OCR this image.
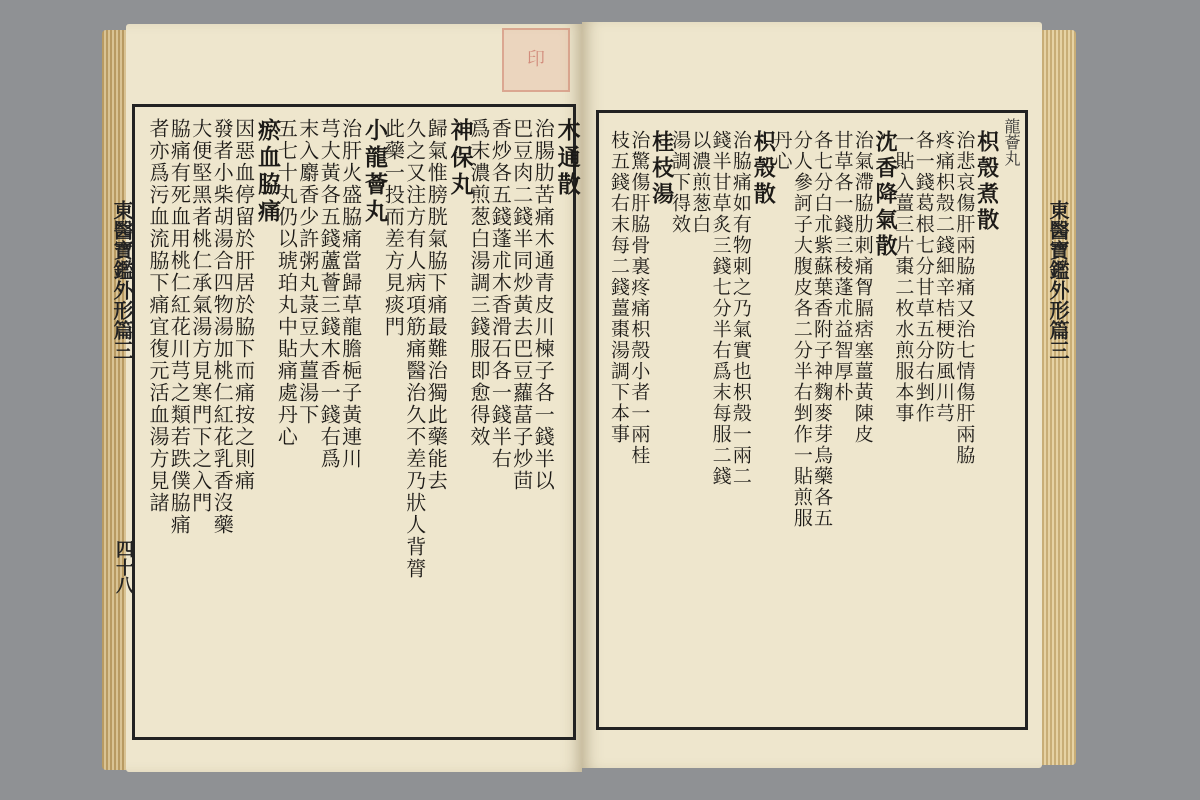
印
東醫寶鑑外形篇三	東醫寶鑑外形篇三
四十八
龍薈丸
木通散
治腸肋苦痛木通青皮川楝子各一錢半以
巴豆肉二錢半同炒黃去巴豆蘿葍子炒茴
香炒各五錢蓬朮木香滑石各一錢半右
爲末濃煎葱白湯調三錢服即愈得效
神保丸
歸氣惟膀胱氣脇下痛最難治獨此藥能去
久之又注方有人病項筋痛醫治久不差乃狀人背膂
此藥一投而差方見痰門
小龍薈丸
治肝火盛脇痛當歸草龍膽梔子黃連川
芎大黃各五錢蘆薈三錢木香一錢右爲
末入麝香少許粥丸菉豆大薑湯下
五七十丸仍以琥珀丸中貼痛處丹心
瘀血脇痛
因惡血停留於肝居於脇下而痛按之則痛
發者小柴胡湯合四物湯加桃仁紅花乳香沒藥
大便堅黑者桃仁承氣湯方見寒門下之入門
脇痛有死血用桃仁紅花川芎之類若跌僕脇痛
者亦爲污血流脇下痛宜復元活血湯方見諸	枳殼煮散
治悲哀傷肝兩脇痛又治七情傷肝兩脇
疼痛枳殼二錢細辛桔梗防風川芎
各一錢葛根七分甘草五分右剉作
一貼入薑三片棗二枚水煎服本事
沈香降氣散
治氣滯脇肋刺痛胷膈痞塞薑黃陳皮
甘草各一錢三稜蓬朮益智厚朴
各七分白朮紫蘇葉香附子神麴麥芽烏藥各五
分人參訶子大腹皮各二分半右剉作一貼煎服
丹心
枳殼散
治脇痛如有物刺之乃氣實也枳殼一兩二
錢半甘草炙三錢七分半右爲末每服二錢
以濃煎葱白
湯調下得效
桂枝湯
治驚傷肝脇骨裏疼痛枳殼小者一兩桂
枝五錢右末每二錢薑棗湯調下本事
